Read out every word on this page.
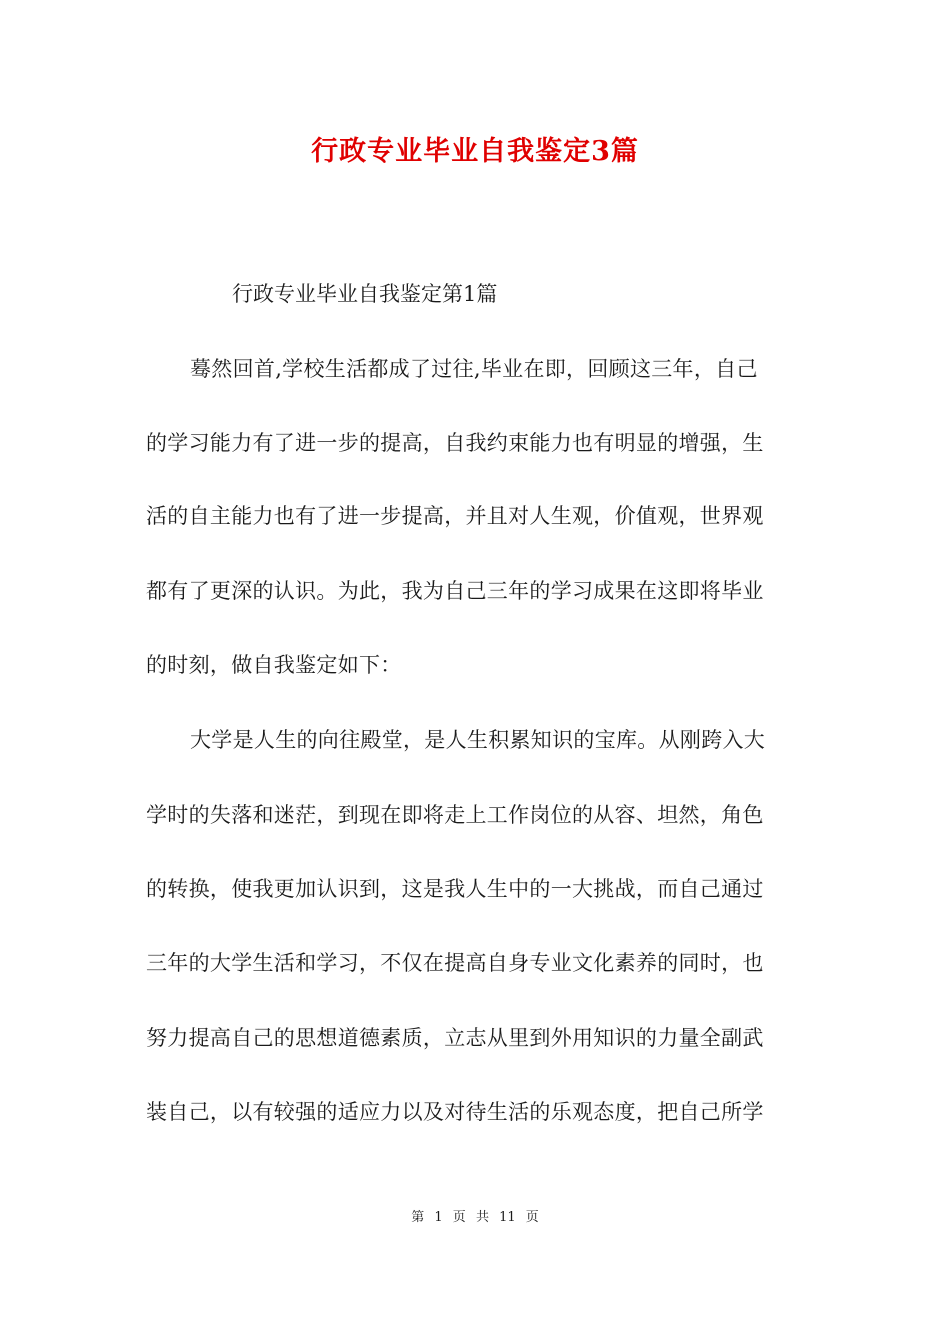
行政专业毕业自我鉴定3篇
行政专业毕业自我鉴定第1篇
蓦然回首,学校生活都成了过往,毕业在即，回顾这三年，自己
的学习能力有了进一步的提高，自我约束能力也有明显的增强，生
活的自主能力也有了进一步提高，并且对人生观，价值观，世界观
都有了更深的认识。为此，我为自己三年的学习成果在这即将毕业
的时刻，做自我鉴定如下：
大学是人生的向往殿堂，是人生积累知识的宝库。从刚跨入大
学时的失落和迷茫，到现在即将走上工作岗位的从容、坦然，角色
的转换，使我更加认识到，这是我人生中的一大挑战，而自己通过
三年的大学生活和学习，不仅在提高自身专业文化素养的同时，也
努力提高自己的思想道德素质，立志从里到外用知识的力量全副武
装自己，以有较强的适应力以及对待生活的乐观态度，把自己所学
第 1 页 共 11 页
